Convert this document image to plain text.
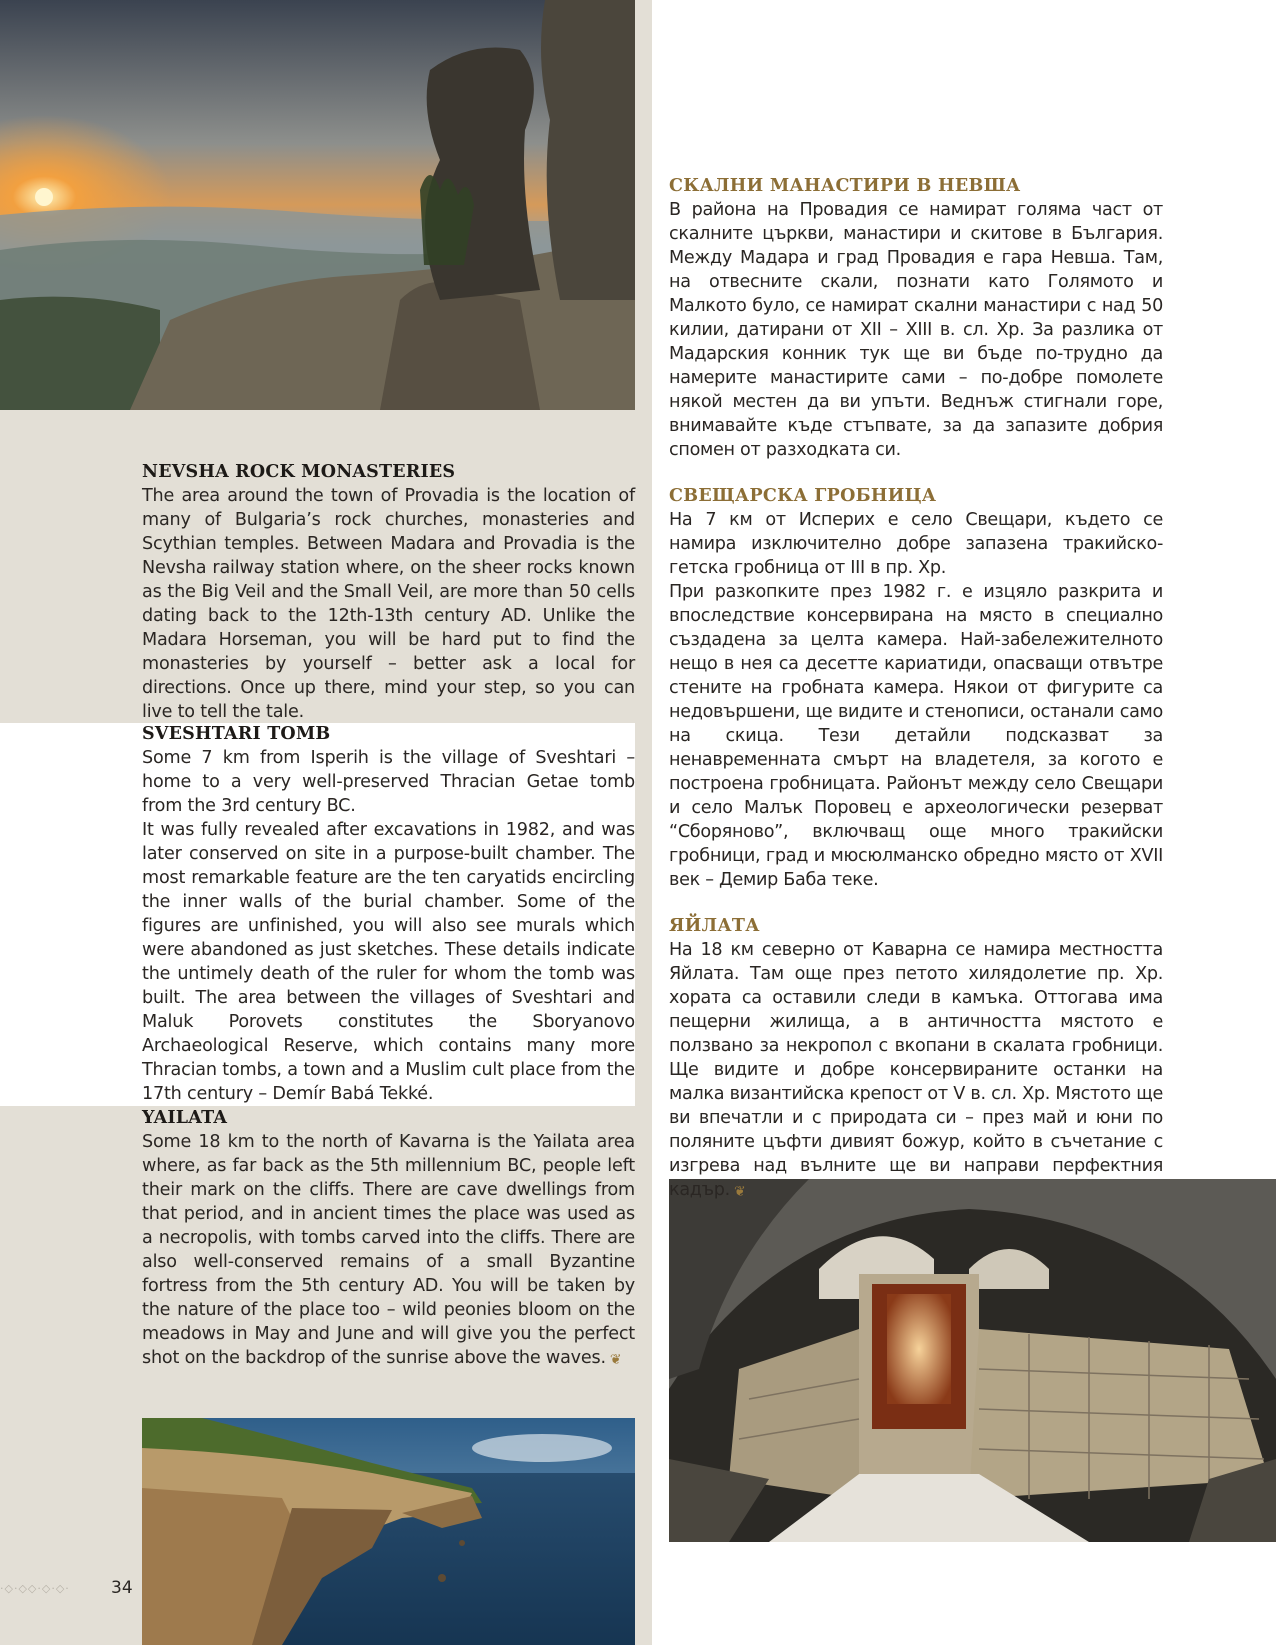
NEVSHA ROCK MONASTERIES

The area around the town of Provadia is the location of many of Bulgaria’s rock churches, monasteries and Scythian temples. Between Madara and Provadia is the Nevsha railway station where, on the sheer rocks known as the Big Veil and the Small Veil, are more than 50 cells dating back to the 12th-13th century AD. Unlike the Madara Horseman, you will be hard put to find the monasteries by yourself – better ask a local for directions. Once up there, mind your step, so you can live to tell the tale.

SVESHTARI TOMB

Some 7 km from Isperih is the village of Sveshtari – home to a very well-preserved Thracian Getae tomb from the 3rd century BC.

It was fully revealed after excavations in 1982, and was later conserved on site in a purpose-built chamber. The most remarkable feature are the ten caryatids encircling the inner walls of the burial chamber. Some of the figures are unfinished, you will also see murals which were abandoned as just sketches. These details indicate the untimely death of the ruler for whom the tomb was built. The area between the villages of Sveshtari and Maluk Porovets constitutes the Sboryanovo Archaeological Reserve, which contains many more Thracian tombs, a town and a Muslim cult place from the 17th century – Demír Babá Tekké.

YAILATA

Some 18 km to the north of Kavarna is the Yailata area where, as far back as the 5th millennium BC, people left their mark on the cliffs. There are cave dwellings from that period, and in ancient times the place was used as a necropolis, with tombs carved into the cliffs. There are also well-conserved remains of a small Byzantine fortress from the 5th century AD. You will be taken by the nature of the place too – wild peonies bloom on the meadows in May and June and will give you the perfect shot on the backdrop of the sunrise above the waves. ❦

СКАЛНИ МАНАСТИРИ В НЕВША

В района на Провадия се намират голяма част от скалните църкви, манастири и скитове в България. Между Мадара и град Провадия е гара Невша. Там, на отвесните скали, познати като Голямото и Малкото було, се намират скални манастири с над 50 килии, датирани от XII – XIII в. сл. Хр. За разлика от Мадарския конник тук ще ви бъде по-трудно да намерите манастирите сами – по-добре помолете някой местен да ви упъти. Веднъж стигнали горе, внимавайте къде стъпвате, за да запазите добрия спомен от разходката си.

СВЕЩАРСКА ГРОБНИЦА

На 7 км от Исперих е село Свещари, където се намира изключително добре запазена тракийско-гетска гробница от III в пр. Хр.

При разкопките през 1982 г. е изцяло разкрита и впоследствие консервирана на място в специално създадена за целта камера. Най-забележителното нещо в нея са десетте кариатиди, опасващи отвътре стените на гробната камера. Някои от фигурите са недовършени, ще видите и стенописи, останали само на скица. Тези детайли подсказват за ненавременната смърт на владетеля, за когото е построена гробницата. Районът между село Свещари и село Малък Поровец е археологически резерват “Сборяново”, включващ още много тракийски гробници, град и мюсюлманско обредно място от XVII век – Демир Баба теке.

ЯЙЛАТА

На 18 км северно от Каварна се намира местността Яйлата. Там още през петото хилядолетие пр. Хр. хората са оставили следи в камъка. Оттогава има пещерни жилища, а в античността мястото е ползвано за некропол с вкопани в скалата гробници. Ще видите и добре консервираните останки на малка византийска крепост от V в. сл. Хр. Мястото ще ви впечатли и с природата си – през май и юни по поляните цъфти дивият божур, който в съчетание с изгрева над вълните ще ви направи перфектния кадър. ❦

·◇·◇◇·◇·◇·	34
